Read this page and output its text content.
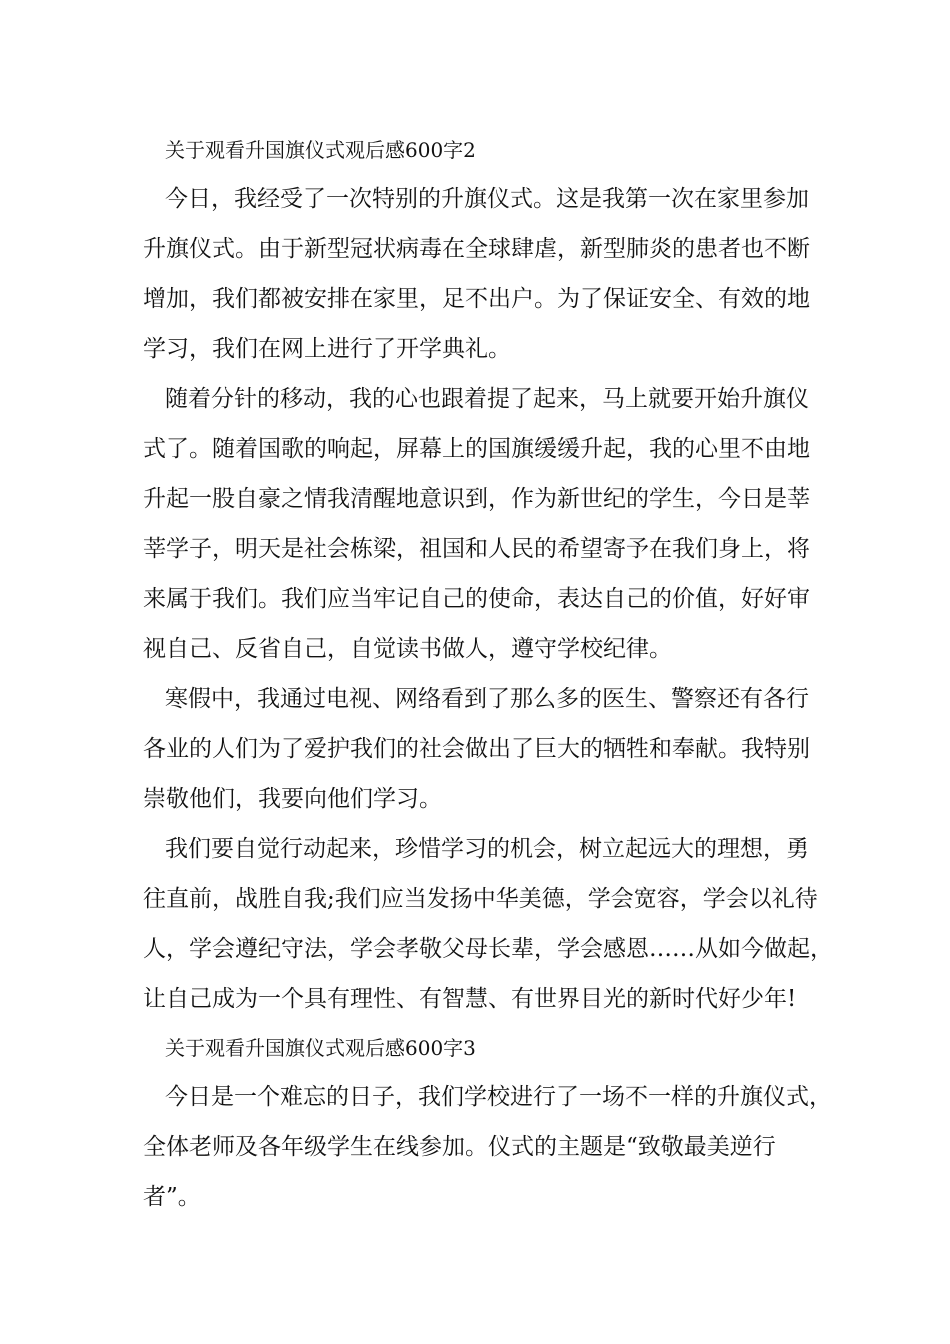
关于观看升国旗仪式观后感600字2
今日，我经受了一次特别的升旗仪式。这是我第一次在家里参加
升旗仪式。由于新型冠状病毒在全球肆虐，新型肺炎的患者也不断
增加，我们都被安排在家里，足不出户。为了保证安全、有效的地
学习，我们在网上进行了开学典礼。
随着分针的移动，我的心也跟着提了起来，马上就要开始升旗仪
式了。随着国歌的响起，屏幕上的国旗缓缓升起，我的心里不由地
升起一股自豪之情我清醒地意识到，作为新世纪的学生，今日是莘
莘学子，明天是社会栋梁，祖国和人民的希望寄予在我们身上，将
来属于我们。我们应当牢记自己的使命，表达自己的价值，好好审
视自己、反省自己，自觉读书做人，遵守学校纪律。
寒假中，我通过电视、网络看到了那么多的医生、警察还有各行
各业的人们为了爱护我们的社会做出了巨大的牺牲和奉献。我特别
崇敬他们，我要向他们学习。
我们要自觉行动起来，珍惜学习的机会，树立起远大的理想，勇
往直前，战胜自我;我们应当发扬中华美德，学会宽容，学会以礼待
人，学会遵纪守法，学会孝敬父母长辈，学会感恩……从如今做起，
让自己成为一个具有理性、有智慧、有世界目光的新时代好少年!
关于观看升国旗仪式观后感600字3
今日是一个难忘的日子，我们学校进行了一场不一样的升旗仪式，
全体老师及各年级学生在线参加。仪式的主题是“致敬最美逆行
者”。
